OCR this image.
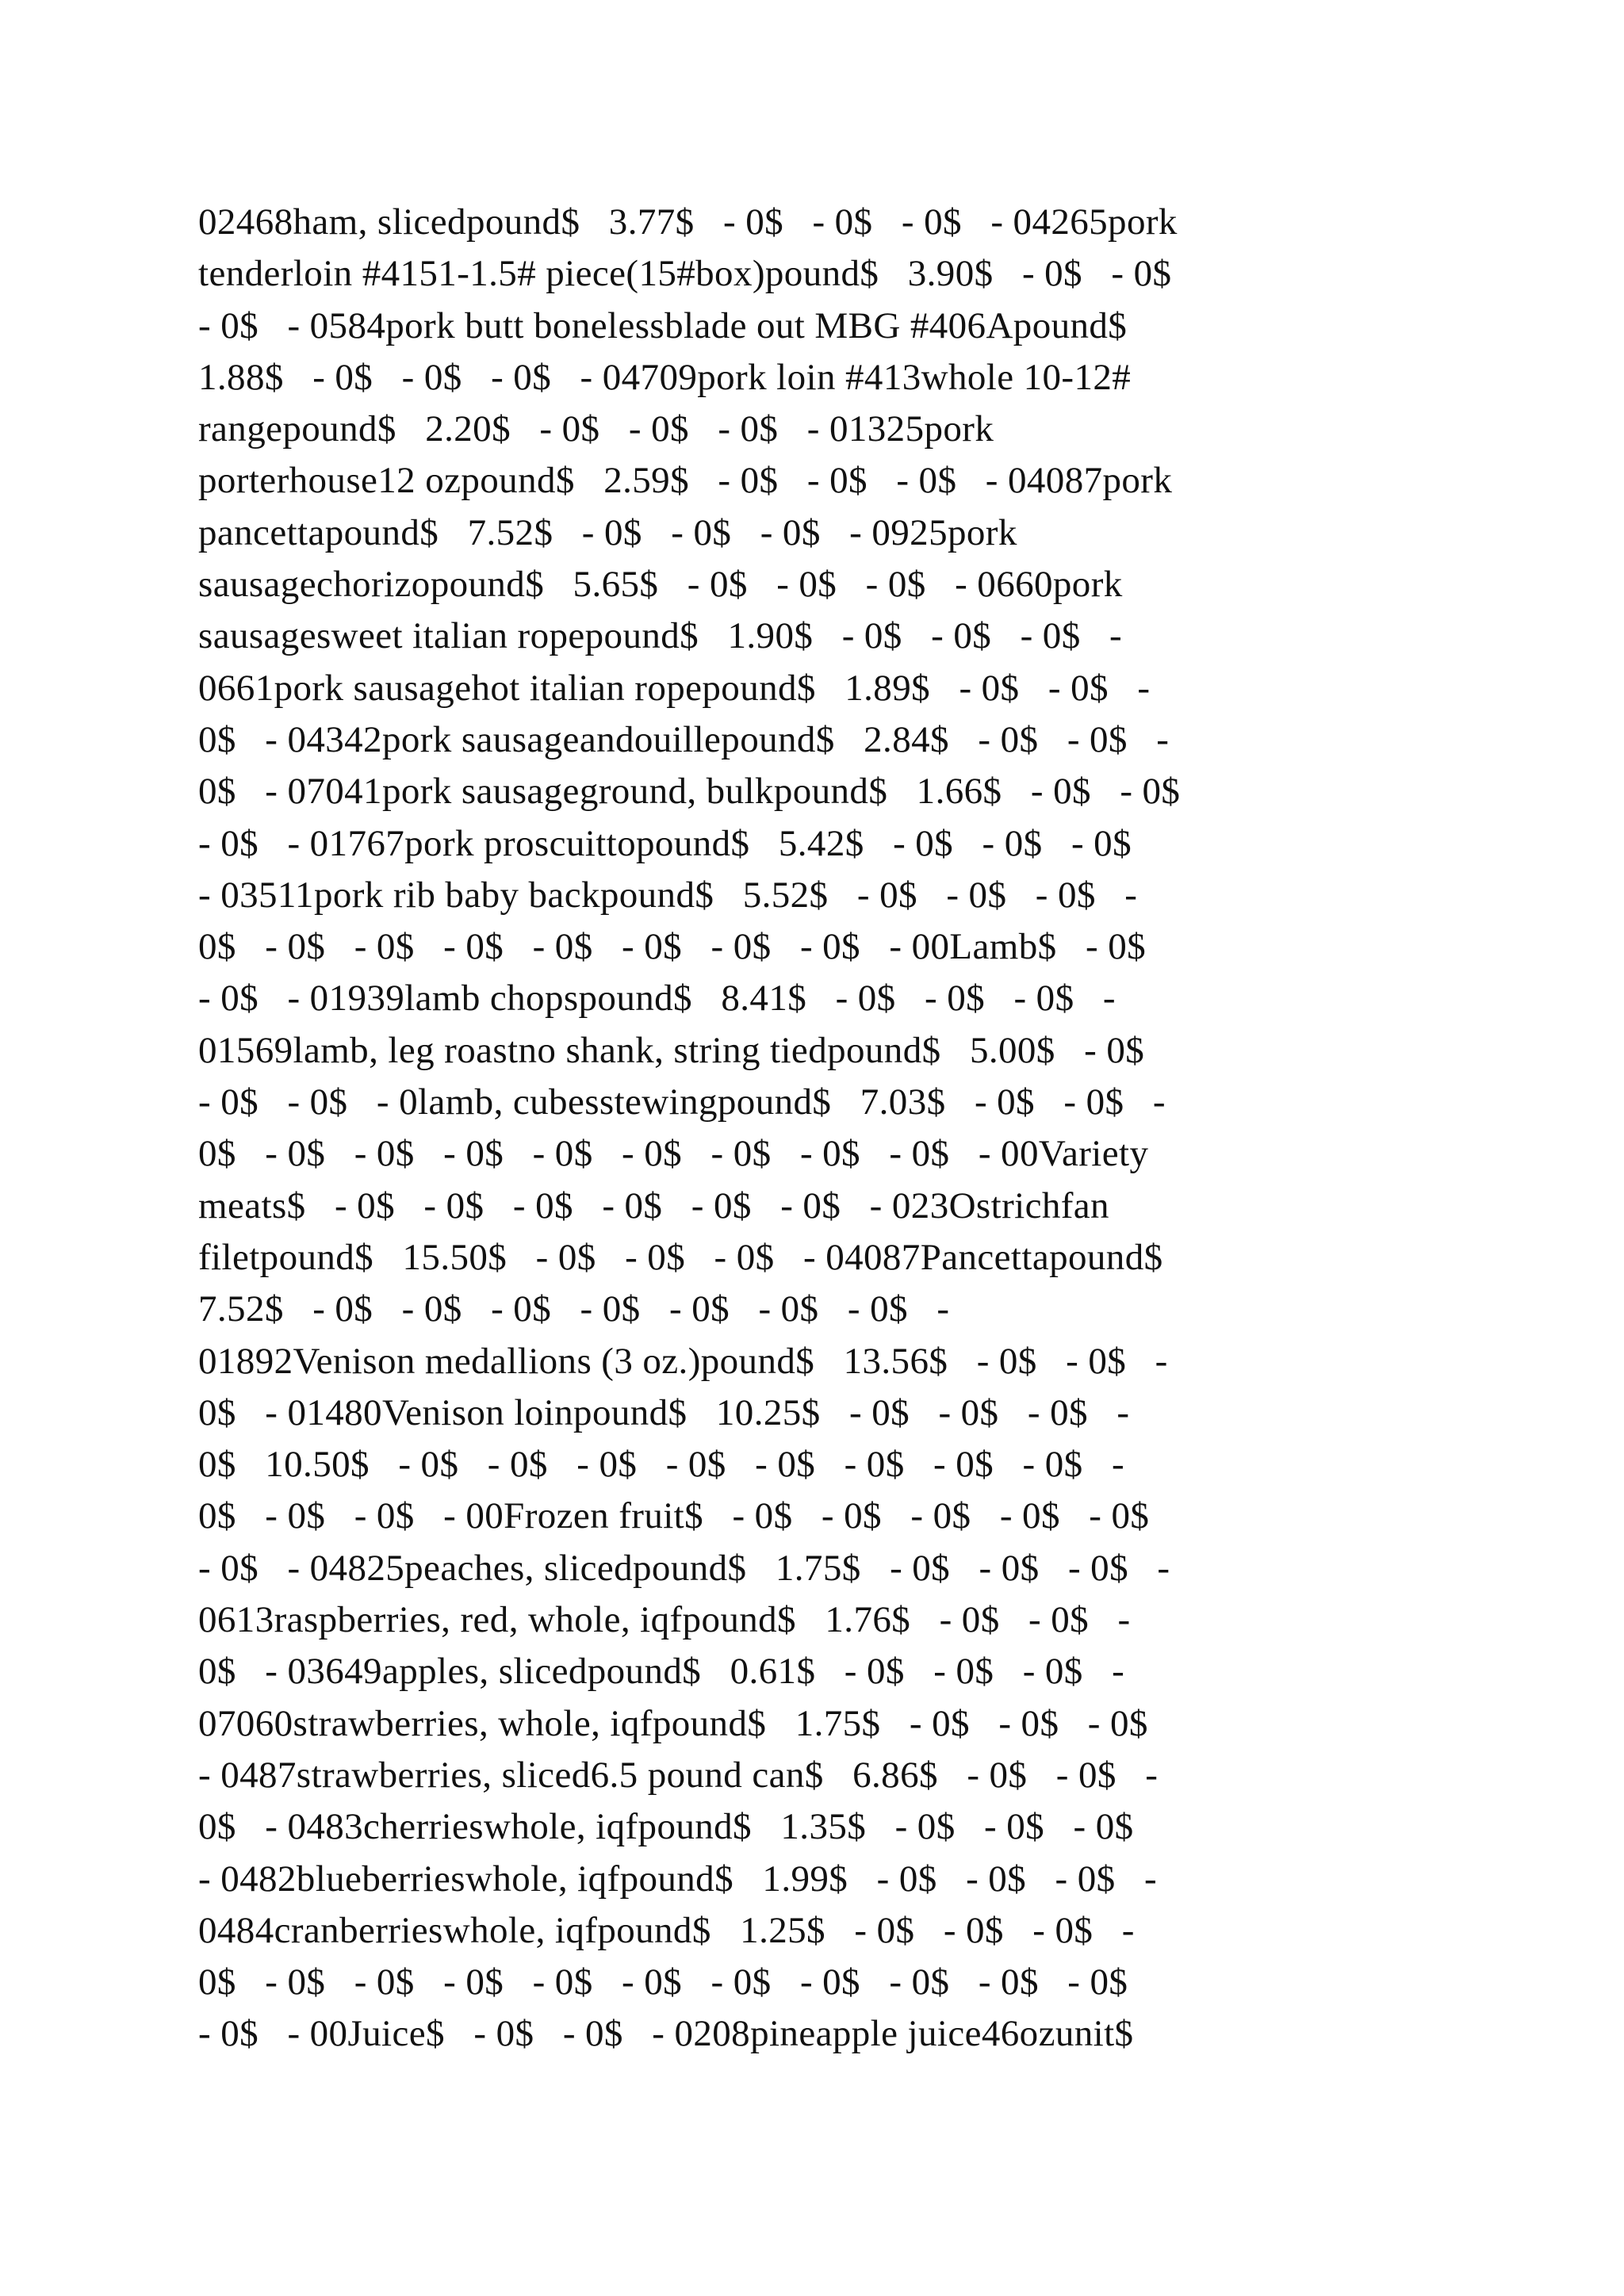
02468ham, slicedpound$   3.77$   - 0$   - 0$   - 0$   - 04265pork
tenderloin #4151-1.5# piece(15#box)pound$   3.90$   - 0$   - 0$
- 0$   - 0584pork butt bonelessblade out MBG #406Apound$
1.88$   - 0$   - 0$   - 0$   - 04709pork loin #413whole 10-12#
rangepound$   2.20$   - 0$   - 0$   - 0$   - 01325pork
porterhouse12 ozpound$   2.59$   - 0$   - 0$   - 0$   - 04087pork
pancettapound$   7.52$   - 0$   - 0$   - 0$   - 0925pork
sausagechorizopound$   5.65$   - 0$   - 0$   - 0$   - 0660pork
sausagesweet italian ropepound$   1.90$   - 0$   - 0$   - 0$   -
0661pork sausagehot italian ropepound$   1.89$   - 0$   - 0$   -
0$   - 04342pork sausageandouillepound$   2.84$   - 0$   - 0$   -
0$   - 07041pork sausageground, bulkpound$   1.66$   - 0$   - 0$
- 0$   - 01767pork proscuittopound$   5.42$   - 0$   - 0$   - 0$
- 03511pork rib baby backpound$   5.52$   - 0$   - 0$   - 0$   -
0$   - 0$   - 0$   - 0$   - 0$   - 0$   - 0$   - 0$   - 00Lamb$   - 0$
- 0$   - 01939lamb chopspound$   8.41$   - 0$   - 0$   - 0$   -
01569lamb, leg roastno shank, string tiedpound$   5.00$   - 0$
- 0$   - 0$   - 0lamb, cubesstewingpound$   7.03$   - 0$   - 0$   -
0$   - 0$   - 0$   - 0$   - 0$   - 0$   - 0$   - 0$   - 0$   - 00Variety
meats$   - 0$   - 0$   - 0$   - 0$   - 0$   - 0$   - 023Ostrichfan
filetpound$   15.50$   - 0$   - 0$   - 0$   - 04087Pancettapound$
7.52$   - 0$   - 0$   - 0$   - 0$   - 0$   - 0$   - 0$   -
01892Venison medallions (3 oz.)pound$   13.56$   - 0$   - 0$   -
0$   - 01480Venison loinpound$   10.25$   - 0$   - 0$   - 0$   -
0$   10.50$   - 0$   - 0$   - 0$   - 0$   - 0$   - 0$   - 0$   - 0$   -
0$   - 0$   - 0$   - 00Frozen fruit$   - 0$   - 0$   - 0$   - 0$   - 0$
- 0$   - 04825peaches, slicedpound$   1.75$   - 0$   - 0$   - 0$   -
0613raspberries, red, whole, iqfpound$   1.76$   - 0$   - 0$   -
0$   - 03649apples, slicedpound$   0.61$   - 0$   - 0$   - 0$   -
07060strawberries, whole, iqfpound$   1.75$   - 0$   - 0$   - 0$
- 0487strawberries, sliced6.5 pound can$   6.86$   - 0$   - 0$   -
0$   - 0483cherrieswhole, iqfpound$   1.35$   - 0$   - 0$   - 0$
- 0482blueberrieswhole, iqfpound$   1.99$   - 0$   - 0$   - 0$   -
0484cranberrieswhole, iqfpound$   1.25$   - 0$   - 0$   - 0$   -
0$   - 0$   - 0$   - 0$   - 0$   - 0$   - 0$   - 0$   - 0$   - 0$   - 0$
- 0$   - 00Juice$   - 0$   - 0$   - 0208pineapple juice46ozunit$
